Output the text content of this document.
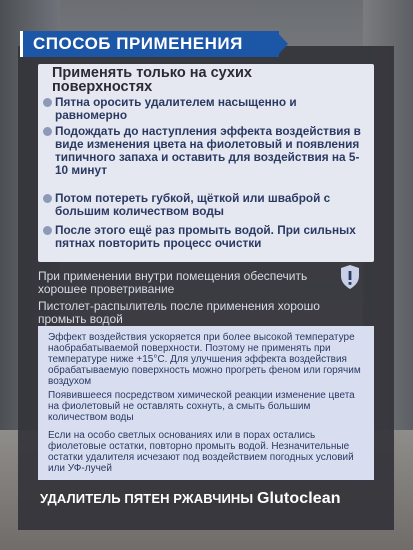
СПОСОБ ПРИМЕНЕНИЯ
Применять только на сухих поверхностях
Пятна оросить удалителем насыщенно и равномерно
Подождать до наступления эффекта воздействия в виде изменения цвета на фиолетовый и появления типичного запаха и оставить для воздействия на 5-10 минут
Потом потереть губкой, щёткой или шваброй с большим количеством воды
После этого ещё раз промыть водой. При сильных пятнах повторить процесс очистки
При применении внутри помещения обеспечить хорошее проветривание
Пистолет-распылитель после применения хорошо промыть водой

Эффект воздействия ускоряется при более высокой температуре наобрабатываемой поверхности. Поэтому не применять при температуре ниже +15°С. Для улучшения эффекта воздействия обрабатываемую поверхность можно прогреть феном или горячим воздухом

Появившееся посредством химической реакции изменение цвета на фиолетовый не оставлять сохнуть, а смыть большим количеством воды

Если на особо светлых основаниях или в порах остались фиолетовые остатки, повторно промыть водой. Незначительные остатки удалителя исчезают под воздействием погодных условий или УФ-лучей

УДАЛИТЕЛЬ ПЯТЕН РЖАВЧИНЫ Glutoclean
